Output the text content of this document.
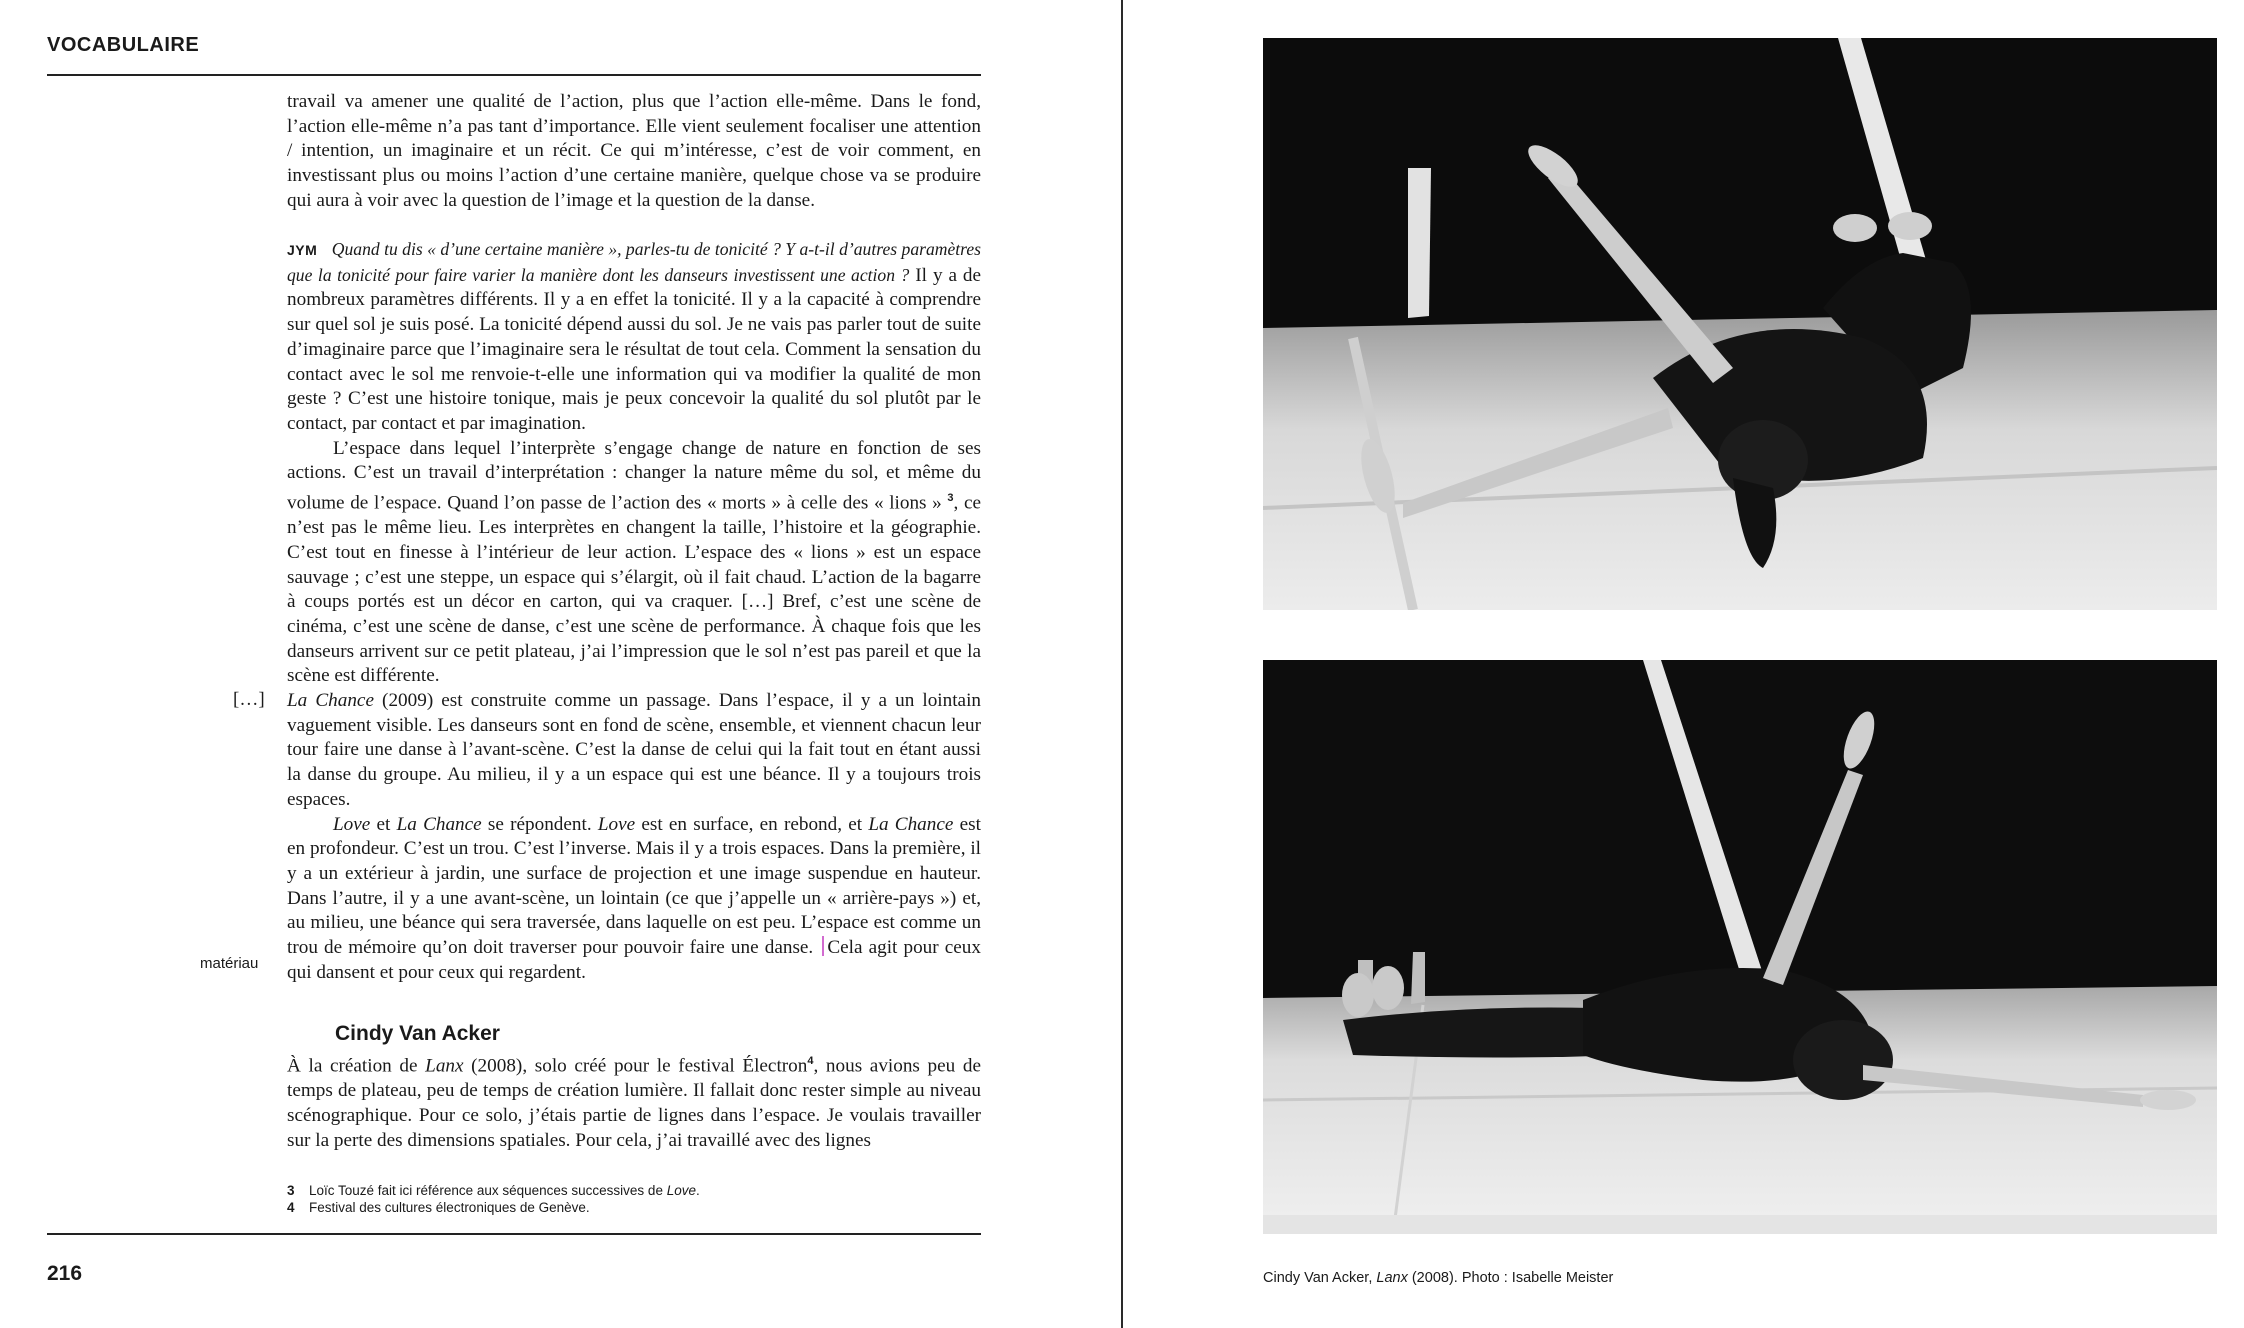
VOCABULAIRE

travail va amener une qualité de l’action, plus que l’action elle-même. Dans le fond, l’action elle-même n’a pas tant d’importance. Elle vient seulement focaliser une attention / intention, un imaginaire et un récit. Ce qui m’intéresse, c’est de voir comment, en investissant plus ou moins l’action d’une certaine manière, quelque chose va se produire qui aura à voir avec la question de l’image et la question de la danse.

JYM Quand tu dis « d’une certaine manière », parles-tu de tonicité ? Y a-t-il d’autres paramètres que la tonicité pour faire varier la manière dont les danseurs investissent une action ? Il y a de nombreux paramètres différents. Il y a en effet la tonicité. Il y a la capacité à comprendre sur quel sol je suis posé. La tonicité dépend aussi du sol. Je ne vais pas parler tout de suite d’imaginaire parce que l’imaginaire sera le résultat de tout cela. Comment la sensation du contact avec le sol me renvoie-t-elle une information qui va modifier la qualité de mon geste ? C’est une histoire tonique, mais je peux concevoir la qualité du sol plutôt par le contact, par contact et par imagination.

L’espace dans lequel l’interprète s’engage change de nature en fonction de ses actions. C’est un travail d’interprétation : changer la nature même du sol, et même du volume de l’espace. Quand l’on passe de l’action des « morts » à celle des « lions » $^3$, ce n’est pas le même lieu. Les interprètes en changent la taille, l’histoire et la géographie. C’est tout en finesse à l’intérieur de leur action. L’espace des « lions » est un espace sauvage ; c’est une steppe, un espace qui s’élargit, où il fait chaud. L’action de la bagarre à coups portés est un décor en carton, qui va craquer. […] Bref, c’est une scène de cinéma, c’est une scène de danse, c’est une scène de performance. À chaque fois que les danseurs arrivent sur ce petit plateau, j’ai l’impression que le sol n’est pas pareil et que la scène est différente.

[…] La Chance (2009) est construite comme un passage. Dans l’espace, il y a un lointain vaguement visible. Les danseurs sont en fond de scène, ensemble, et viennent chacun leur tour faire une danse à l’avant-scène. C’est la danse de celui qui la fait tout en étant aussi la danse du groupe. Au milieu, il y a un espace qui est une béance. Il y a toujours trois espaces.

Love et La Chance se répondent. Love est en surface, en rebond, et La Chance est en profondeur. C’est un trou. C’est l’inverse. Mais il y a trois espaces. Dans la première, il y a un extérieur à jardin, une surface de projection et une image suspendue en hauteur. Dans l’autre, il y a une avant-scène, un lointain (ce que j’appelle un « arrière-pays ») et, au milieu, une béance qui sera traversée, dans laquelle on est peu. L’espace est comme un trou de mémoire qu’on doit traverser pour pouvoir faire une danse. Cela agit pour ceux qui dansent et pour ceux qui regardent.

matériau
Cindy Van Acker

À la création de Lanx (2008), solo créé pour le festival Électron$^4$, nous avions peu de temps de plateau, peu de temps de création lumière. Il fallait donc rester simple au niveau scénographique. Pour ce solo, j’étais partie de lignes dans l’espace. Je voulais travailler sur la perte des dimensions spatiales. Pour cela, j’ai travaillé avec des lignes

3 Loïc Touzé fait ici référence aux séquences successives de Love.
4 Festival des cultures électroniques de Genève.
216	Cindy Van Acker, Lanx (2008). Photo : Isabelle Meister
